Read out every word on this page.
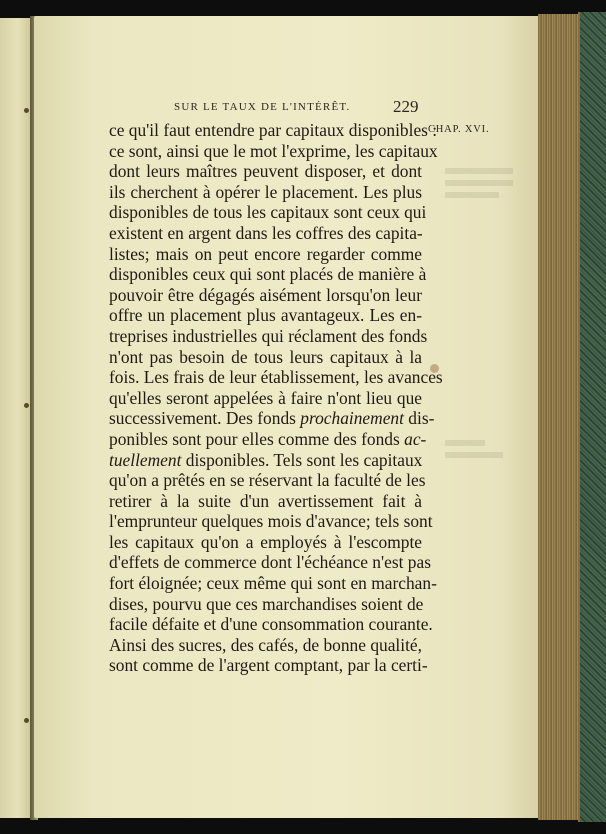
SUR LE TAUX DE L'INTÉRÊT.	229
CHAP. XVI.
ce qu'il faut entendre par capitaux disponibles :
ce sont, ainsi que le mot l'exprime, les capitaux
dont leurs maîtres peuvent disposer, et dont
ils cherchent à opérer le placement. Les plus
disponibles de tous les capitaux sont ceux qui
existent en argent dans les coffres des capita-
listes; mais on peut encore regarder comme
disponibles ceux qui sont placés de manière à
pouvoir être dégagés aisément lorsqu'on leur
offre un placement plus avantageux. Les en-
treprises industrielles qui réclament des fonds
n'ont pas besoin de tous leurs capitaux à la
fois. Les frais de leur établissement, les avances
qu'elles seront appelées à faire n'ont lieu que
successivement. Des fonds prochainement dis-
ponibles sont pour elles comme des fonds ac-
tuellement disponibles. Tels sont les capitaux
qu'on a prêtés en se réservant la faculté de les
retirer à la suite d'un avertissement fait à
l'emprunteur quelques mois d'avance; tels sont
les capitaux qu'on a employés à l'escompte
d'effets de commerce dont l'échéance n'est pas
fort éloignée; ceux même qui sont en marchan-
dises, pourvu que ces marchandises soient de
facile défaite et d'une consommation courante.
Ainsi des sucres, des cafés, de bonne qualité,
sont comme de l'argent comptant, par la certi-
